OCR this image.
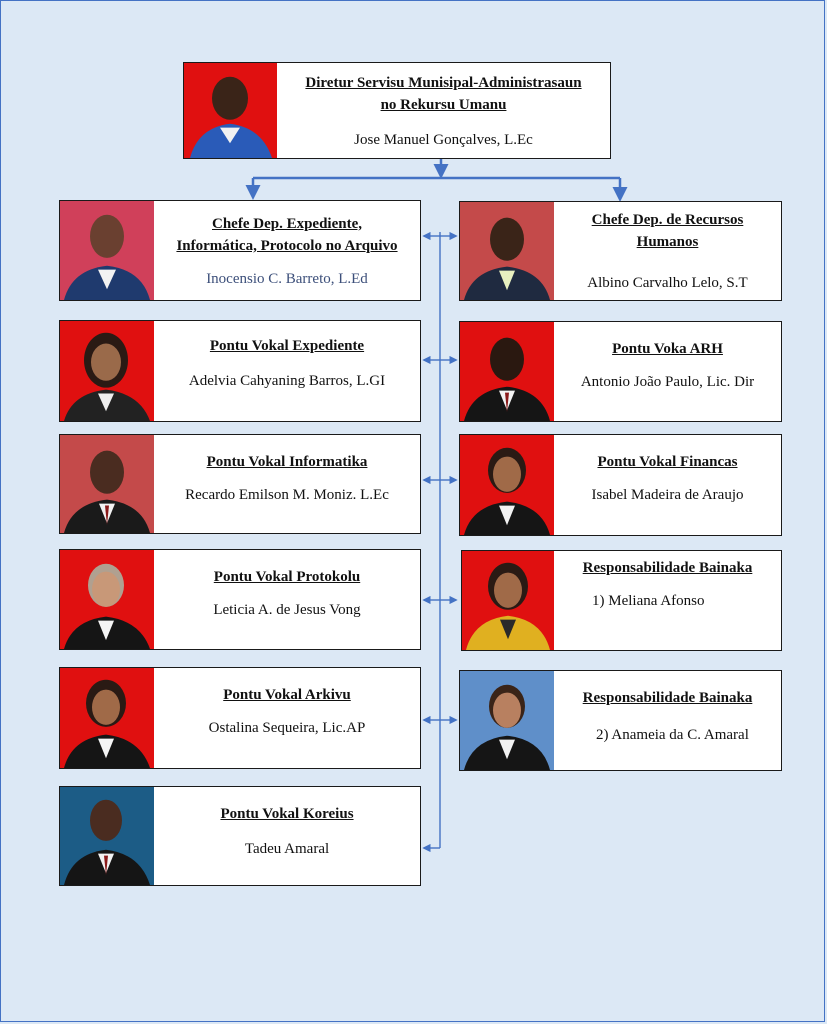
Diretur Servisu Munisipal-Administrasaun
no Rekursu Umanu
Jose Manuel Gonçalves, L.Ec
Chefe Dep. Expediente,
Informática, Protocolo no Arquivo
Inocensio C. Barreto, L.Ed
Pontu Vokal Expediente
Adelvia Cahyaning Barros, L.GI
Pontu Vokal Informatika
Recardo Emilson M. Moniz. L.Ec
Pontu Vokal Protokolu
Leticia A. de Jesus Vong
Pontu Vokal Arkivu
Ostalina Sequeira, Lic.AP
Pontu Vokal Koreius
Tadeu Amaral
Chefe Dep. de Recursos
Humanos
Albino Carvalho Lelo, S.T
Pontu Voka ARH
Antonio João Paulo, Lic. Dir
Pontu Vokal Financas
Isabel Madeira de Araujo
Responsabilidade Bainaka
1) Meliana Afonso
Responsabilidade Bainaka
2) Anameia da C. Amaral
